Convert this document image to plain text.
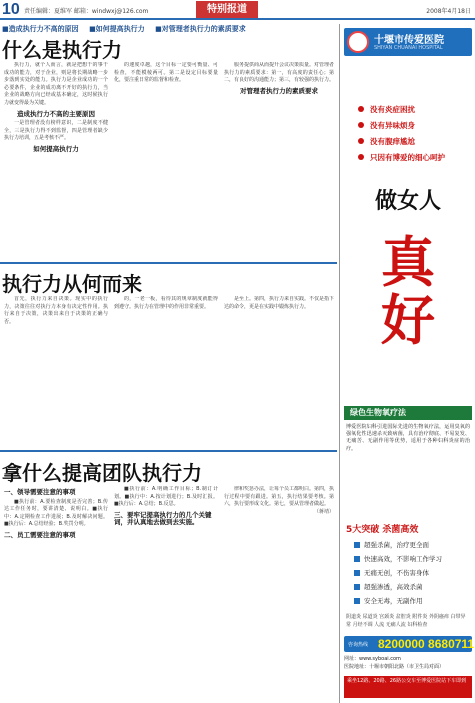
10 责任编辑：夏维军 邮箱：windwxj@126.com	特别报道	2008年4月18日
■造成执行力不高的原因 ■如何提高执行力 ■对管理者执行力的素质要求
什么是执行力

执行力，就个人而言，就是把想干的事干成功的能力，对于企业，则是将长期战略一步步落到实处的能力。执行力是企业成功的一个必要条件，企业的成功离不开好的执行力，当企业的战略方向已经或基本确定，这时候执行力就变得最为关键。

造成执行力不高的主要原因

一是管理者没有榜样意识，二是制度不健全，三是执行力得不到监督，四是管理者缺少执行力培训，五是考核不严。

如何提高执行力

的速度卓越，这个目标一定要可衡量、可检查，不能模棱两可。第二是设定目标要量化，要注重日常的监督和检查。

服务提供商从而提升会议决策质量。对管理者执行力的素质要求：第一，有高度的责任心；第二，有良好的沟通能力；第三，有较强的执行力。

对管理者执行力的素质要求
执行力从何而来

首先，执行力来自决策。现实中的执行力，决策往往对执行力本身有决定性作用。执行来自于决策，决策出来自于决策的正确与否。

的，一老一板，看待其的规章制度就能得到遵守。执行力在管理中的作用非常重要。

是至上。第四，执行力来自实践。不仅是指下达的命令，更是在实践中锻炼执行力。

拿什么提高团队执行力
一、领导需要注意的事项

■执行前：A.要检查制度是否完善；B.传达工作任务时，要讲清楚、说明白。■执行中：A.定期检查工作进展；B.及时解决问题。■执行后：A.总结经验；B.奖罚分明。

二、员工需要注意的事项

■执行前：A.明确工作目标；B.制订计划。■执行中：A.按计划进行；B.及时汇报。■执行后：A.总结；B.反思。

三、要牢记提高执行力的几个关键词，并认真地去做到去实施。

律和奖惩办法，让每个员工都明白。第四，执行过程中要有跟进。第五，执行结果要考核。第六，执行要形成文化。第七，要从管理者做起。

（蒋靖）

十堰市传爱医院
SHIYAN CHUANAI HOSPITAL
没有炎症困扰
没有异味烦身
没有腹痒尴尬
只因有博爱的细心呵护
做女人
真
好
绿色生物氧疗法
博爱医院妇科引进国际先进的生物氧疗法，运用臭氧的强氧化性迅速杀灭致病菌，具有治疗彻底、不易复发、无痛苦、无副作用等优势，适用于各种妇科炎症的治疗。
5大突破 杀菌高效
超强杀菌，治疗更全面
快速高效，不影响工作学习
无痛无创，不伤害身体
超强渗透，高效杀菌
安全无毒，无副作用
阴道炎 尿道炎 宫颈炎 盆腔炎 附件炎 外阴瘙痒 白带异常 月经不调 人流 无痛人流 妇科检查
咨询热线 8200000 8680711
网址：www.syboai.com
医院地址：十堰市朝阳北路（市卫生局对面）
乘坐12路、20路、26路公交车至博爱医院站下车即到
